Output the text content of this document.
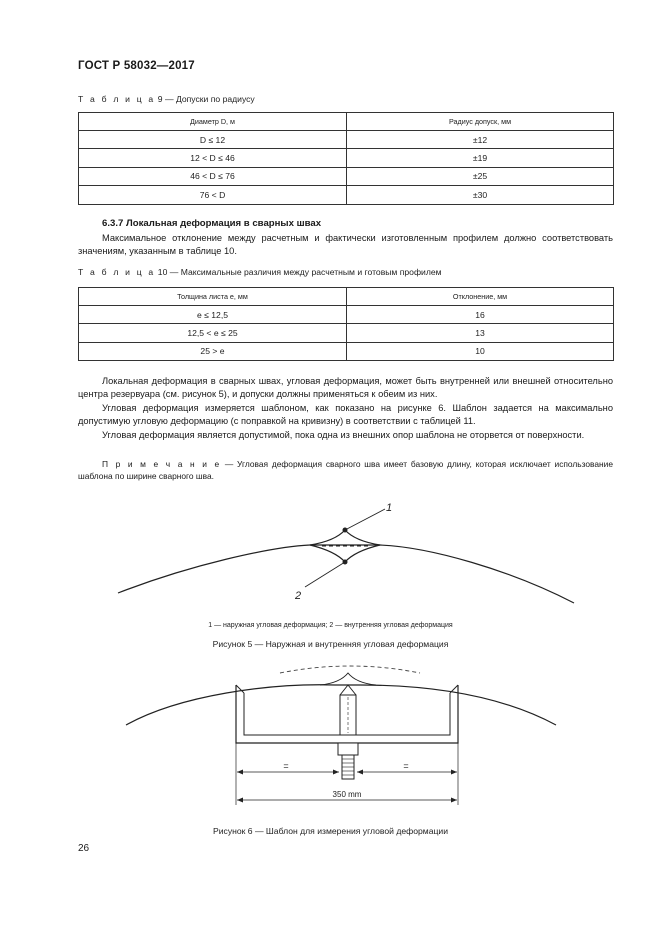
ГОСТ Р 58032—2017
Т а б л и ц а 9 — Допуски по радиусу
Диаметр D, м	Радиус допуск, мм
D ≤ 12	±12
12 < D ≤ 46	±19
46 < D ≤ 76	±25
76 < D	±30
6.3.7 Локальная деформация в сварных швах
Максимальное отклонение между расчетным и фактически изготовленным профилем должно соответствовать значениям, указанным в таблице 10.
Т а б л и ц а 10 — Максимальные различия между расчетным и готовым профилем
Толщина листа e, мм	Отклонение, мм
e ≤ 12,5	16
12,5 < e ≤ 25	13
25 > e	10
Локальная деформация в сварных швах, угловая деформация, может быть внутренней или внешней относительно центра резервуара (см. рисунок 5), и допуски должны применяться к обеим из них.
Угловая деформация измеряется шаблоном, как показано на рисунке 6. Шаблон задается на максимально допустимую угловую деформацию (с поправкой на кривизну) в соответствии с таблицей 11.
Угловая деформация является допустимой, пока одна из внешних опор шаблона не оторвется от поверхности.
П р и м е ч а н и е — Угловая деформация сварного шва имеет базовую длину, которая исключает использование шаблона по ширине сварного шва.
1
2
1 — наружная угловая деформация; 2 — внутренняя угловая деформация
Рисунок 5 — Наружная и внутренняя угловая деформация
=	=
350 mm
Рисунок 6 — Шаблон для измерения угловой деформации
26
